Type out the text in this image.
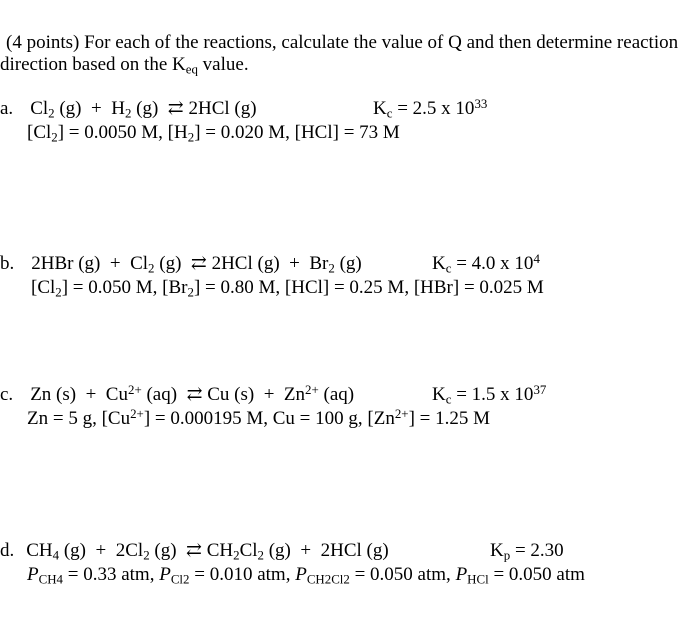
(4 points) For each of the reactions, calculate the value of Q and then determine reaction
direction based on the $K_{eq}$ value.
a. $Cl_2$ $(g) + H_2$ (g)  ⇄ 2HCl (g)	$K_c = 2.5$ x $10^{33}$
$[Cl_2] = 0.0050$ M, $[H_2] = 0.020$ M, [HCl] = 73 M
b. 2HBr $(g) + Cl_2$ (g)  ⇄ 2HCl $(g) + Br_2$ (g)	$K_c = 4.0$ x $10^4$
$[Cl_2] = 0.050$ M, $[Br_2] = 0.80$ M, [HCl] = 0.25 M, [HBr] = 0.025 M
c. Zn $(s) + Cu^{2+}$ (aq)  ⇄ Cu $(s) + Zn^{2+}$ (aq)	$K_c = 1.5$ x $10^{37}$
Zn = 5 g, $[Cu^{2+}] = 0.000195$ M, Cu = 100 g, $[Zn^{2+}] = 1.25$ M
d. $CH_4$ $(g) + 2Cl_2$ (g)  ⇄ $CH_2Cl_2$ (g)  +  2HCl (g)	$K_p = 2.30$
$P_{CH4} = 0.33$ atm, $P_{Cl2} = 0.010$ atm, $P_{CH2Cl2} = 0.050$ atm, $P_{HCl} = 0.050$ atm
